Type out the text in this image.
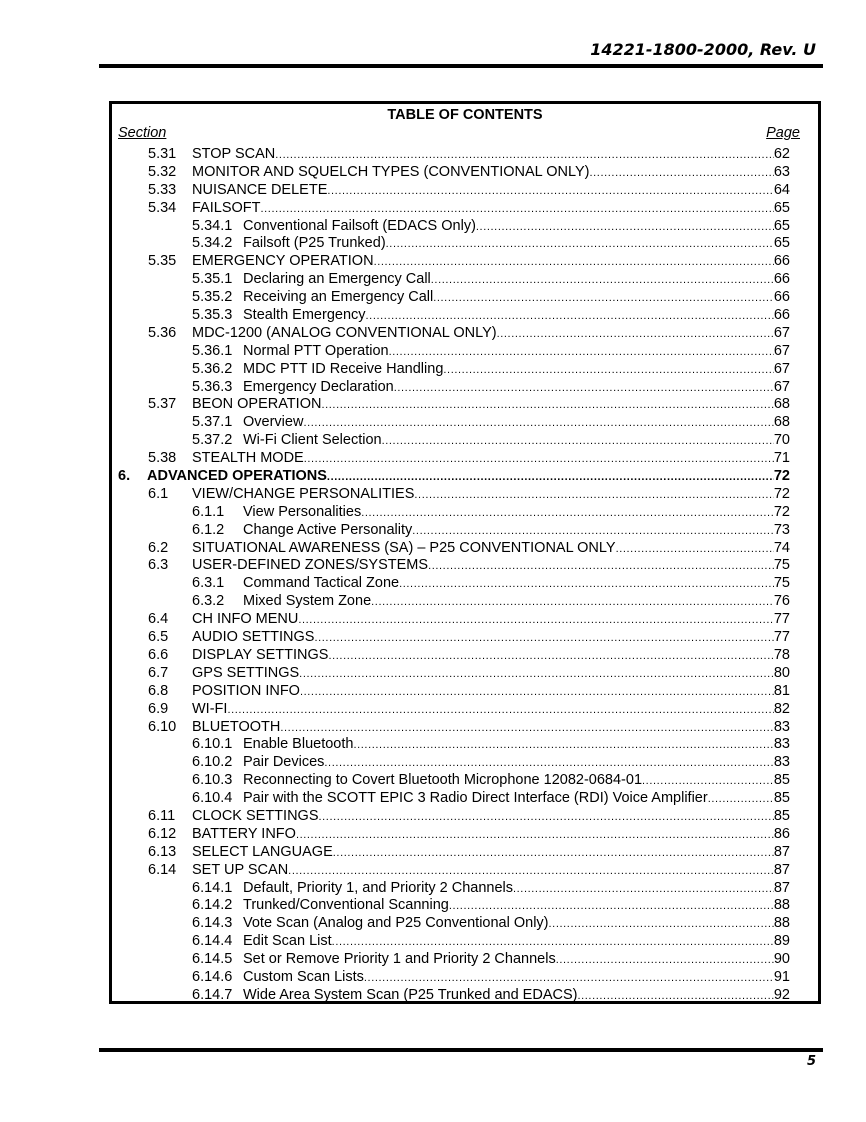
14221-1800-2000, Rev. U
TABLE OF CONTENTS
Section	Page
5.31 STOP SCAN .....	62
5.32 MONITOR AND SQUELCH TYPES (CONVENTIONAL ONLY) .....	63
5.33 NUISANCE DELETE .....	64
5.34 FAILSOFT .....	65
5.34.1 Conventional Failsoft (EDACS Only) .....	65
5.34.2 Failsoft (P25 Trunked) .....	65
5.35 EMERGENCY OPERATION .....	66
5.35.1 Declaring an Emergency Call .....	66
5.35.2 Receiving an Emergency Call .....	66
5.35.3 Stealth Emergency .....	66
5.36 MDC-1200 (ANALOG CONVENTIONAL ONLY) .....	67
5.36.1 Normal PTT Operation .....	67
5.36.2 MDC PTT ID Receive Handling .....	67
5.36.3 Emergency Declaration .....	67
5.37 BEON OPERATION .....	68
5.37.1 Overview .....	68
5.37.2 Wi-Fi Client Selection .....	70
5.38 STEALTH MODE .....	71
6. ADVANCED OPERATIONS .....	72
6.1 VIEW/CHANGE PERSONALITIES .....	72
6.1.1 View Personalities .....	72
6.1.2 Change Active Personality .....	73
6.2 SITUATIONAL AWARENESS (SA) – P25 CONVENTIONAL ONLY .....	74
6.3 USER-DEFINED ZONES/SYSTEMS .....	75
6.3.1 Command Tactical Zone .....	75
6.3.2 Mixed System Zone .....	76
6.4 CH INFO MENU .....	77
6.5 AUDIO SETTINGS .....	77
6.6 DISPLAY SETTINGS .....	78
6.7 GPS SETTINGS .....	80
6.8 POSITION INFO .....	81
6.9 WI-FI .....	82
6.10 BLUETOOTH .....	83
6.10.1 Enable Bluetooth .....	83
6.10.2 Pair Devices .....	83
6.10.3 Reconnecting to Covert Bluetooth Microphone 12082-0684-01 .....	85
6.10.4 Pair with the SCOTT EPIC 3 Radio Direct Interface (RDI) Voice Amplifier .....	85
6.11 CLOCK SETTINGS .....	85
6.12 BATTERY INFO .....	86
6.13 SELECT LANGUAGE .....	87
6.14 SET UP SCAN .....	87
6.14.1 Default, Priority 1, and Priority 2 Channels .....	87
6.14.2 Trunked/Conventional Scanning .....	88
6.14.3 Vote Scan (Analog and P25 Conventional Only) .....	88
6.14.4 Edit Scan List .....	89
6.14.5 Set or Remove Priority 1 and Priority 2 Channels .....	90
6.14.6 Custom Scan Lists .....	91
6.14.7 Wide Area System Scan (P25 Trunked and EDACS) .....	92
5
